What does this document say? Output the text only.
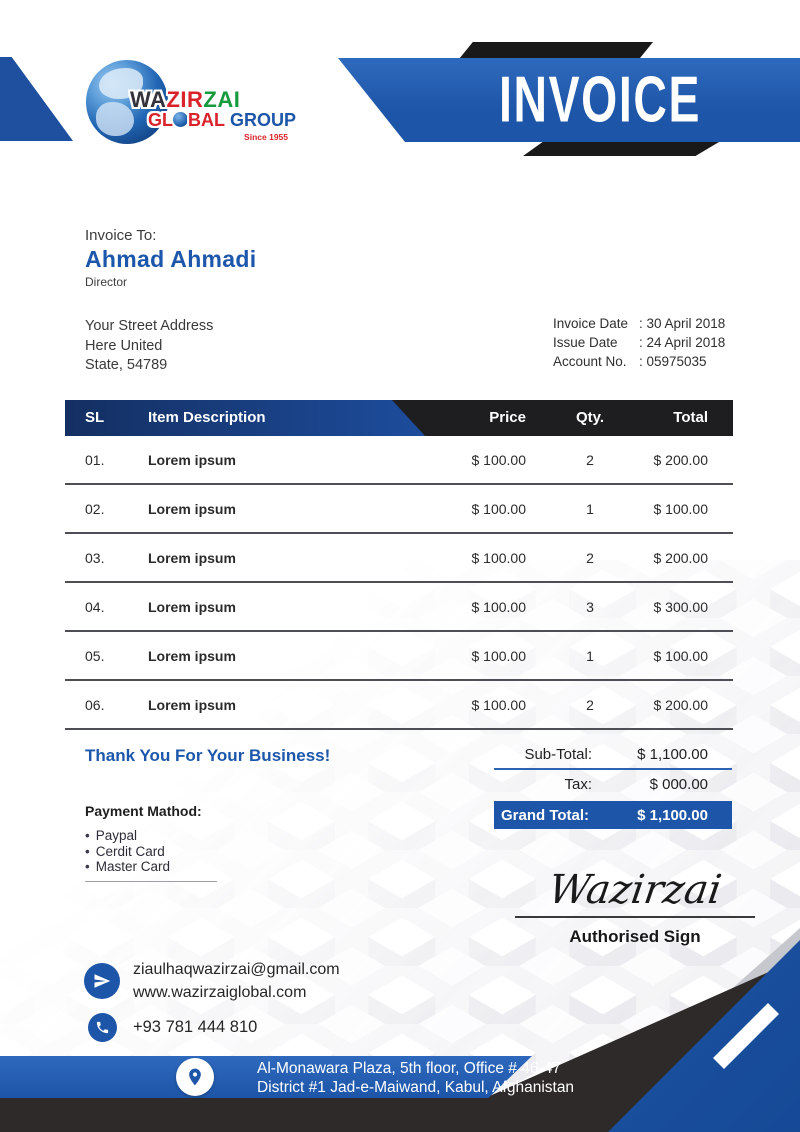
WAZIRZAI
GL BAL GROUP
Since 1955
INVOICE
Invoice To:
Ahmad Ahmadi
Director
Your Street Address
Here United
State, 54789
Invoice Date : 30 April 2018
Issue Date	: 24 April 2018
Account No. : 05975035
SL	Item Description	Price	Qty.	Total
01.	Lorem ipsum	$ 100.00	2	$ 200.00
02.	Lorem ipsum	$ 100.00	1	$ 100.00
03.	Lorem ipsum	$ 100.00	2	$ 200.00
04.	Lorem ipsum	$ 100.00	3	$ 300.00
05.	Lorem ipsum	$ 100.00	1	$ 100.00
06.	Lorem ipsum	$ 100.00	2	$ 200.00
Thank You For Your Business!	Sub-Total:	$ 1,100.00
Tax:	$ 000.00
Grand Total:	$ 1,100.00
Payment Mathod:
• Paypal
• Cerdit Card
• Master Card
Wazirzai
Authorised Sign
ziaulhaqwazirzai@gmail.com
www.wazirzaiglobal.com
+93 781 444 810
Al-Monawara Plaza, 5th floor, Office # 46-47
District #1 Jad-e-Maiwand, Kabul, Afghanistan
